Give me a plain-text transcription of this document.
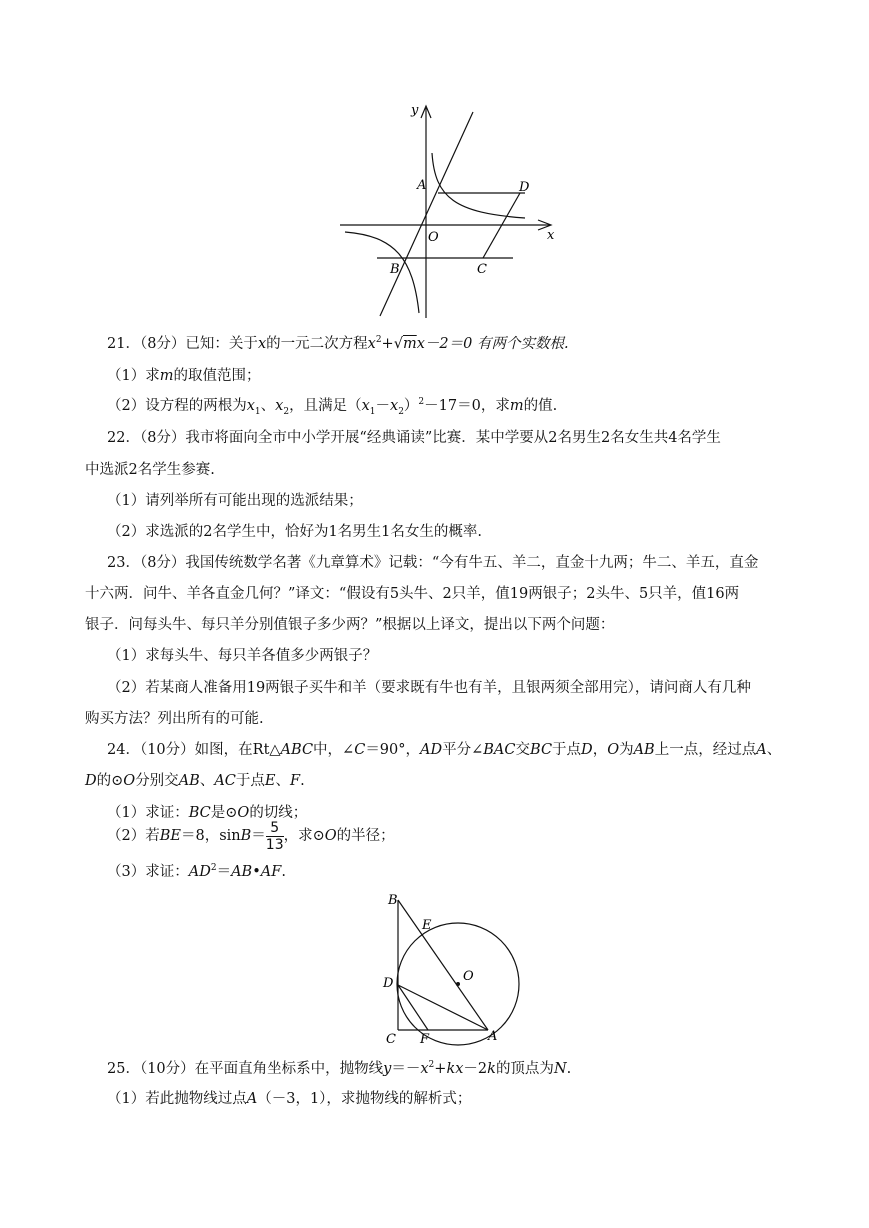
y
x
A	D
O
B	C
21．（8分）已知：关于x的一元二次方程$x^2+√mx-2=0$ 有两个实数根.
（1）求m的取值范围；
（2）设方程的两根为$x_1$、$x_2$，且满足$(x_1-x_2)^2-17=0$，求m的值.
22．（8分）我市将面向全市中小学开展“经典诵读”比赛．某中学要从2名男生2名女生共4名学生
中选派2名学生参赛.
（1）请列举所有可能出现的选派结果；
（2）求选派的2名学生中，恰好为1名男生1名女生的概率.
23．（8分）我国传统数学名著《九章算术》记载：“今有牛五、羊二，直金十九两；牛二、羊五，直金
十六两．问牛、羊各直金几何？”译文：“假设有5头牛、2只羊，值19两银子；2头牛、5只羊，值16两
银子．问每头牛、每只羊分别值银子多少两？”根据以上译文，提出以下两个问题：
（1）求每头牛、每只羊各值多少两银子？
（2）若某商人准备用19两银子买牛和羊（要求既有牛也有羊，且银两须全部用完），请问商人有几种
购买方法？列出所有的可能.
24．（10分）如图，在Rt△ABC中，∠C＝90°，AD平分∠BAC交BC于点D，O为AB上一点，经过点A、
D的⊙O分别交AB、AC于点E、F.
（1）求证：BC是⊙O的切线；
（2）若BE＝8，$\sin B= \frac{5}{13}$ ，求⊙O的半径；
（3）求证：$AD^2=AB•AF$.
B
E
O
D
C F	A
25．（10分）在平面直角坐标系中，抛物线$y=-x^2+kx-2k$的顶点为N.
（1）若此抛物线过点A（－3，1），求抛物线的解析式；
